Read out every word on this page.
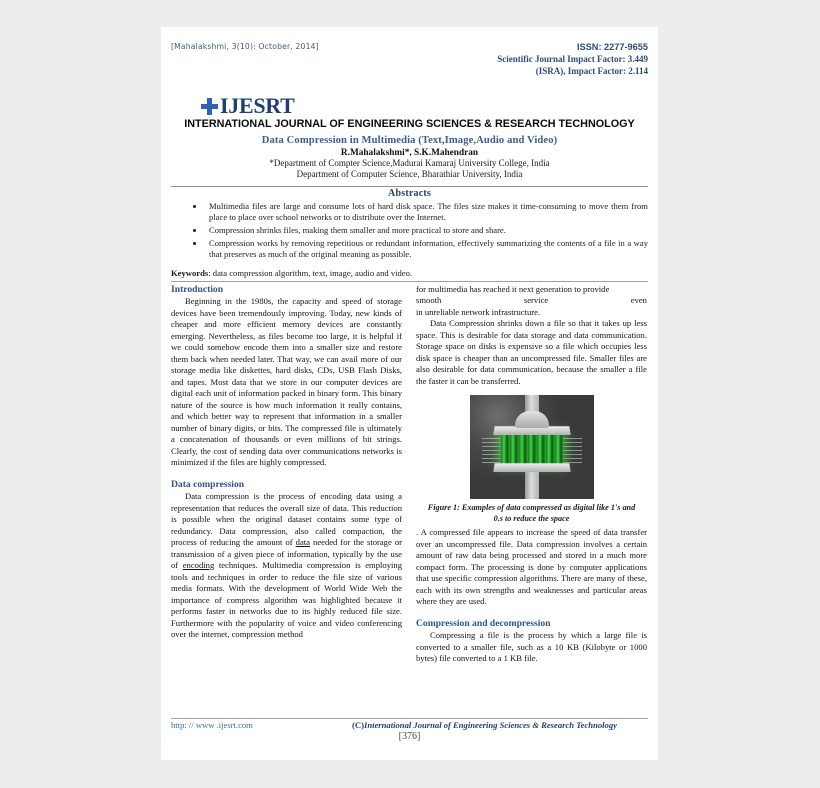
[Mahalakshmi, 3(10): October, 2014]	ISSN: 2277-9655
Scientific Journal Impact Factor: 3.449
(ISRA), Impact Factor: 2.114
IJESRT
INTERNATIONAL JOURNAL OF ENGINEERING SCIENCES & RESEARCH TECHNOLOGY
Data Compression in Multimedia (Text,Image,Audio and Video)
R.Mahalakshmi*, S.K.Mahendran
*Department of Compter Science,Madurai Kamaraj University College, India
Department of Computer Science, Bharathiar University, India
Abstracts
• Multimedia files are large and consume lots of hard disk space. The files size makes it time-consuming to move them from place to place over school networks or to distribute over the Internet.
• Compression shrinks files, making them smaller and more practical to store and share.
• Compression works by removing repetitious or redundant information, effectively summarizing the contents of a file in a way that preserves as much of the original meaning as possible.
Keywords: data compression algorithm, text, image, audio and video.
Introduction

Beginning in the 1980s, the capacity and speed of storage devices have been tremendously improving. Today, new kinds of cheaper and more efficient memory devices are constantly emerging. Nevertheless, as files become too large, it is helpful if we could somehow encode them into a smaller size and restore them back when needed later. That way, we can avail more of our storage media like diskettes, hard disks, CDs, USB Flash Disks, and tapes. Most data that we store in our computer devices are digital each unit of information packed in binary form. This binary nature of the source is how much information it really contains, and which better way to represent that information in a smaller number of binary digits, or bits. The compressed file is ultimately a concatenation of thousands or even millions of bit strings. Clearly, the cost of sending data over communications networks is minimized if the files are highly compressed.

Data compression

Data compression is the process of encoding data using a representation that reduces the overall size of data. This reduction is possible when the original dataset contains some type of redundancy. Data compression, also called compaction, the process of reducing the amount of data needed for the storage or transmission of a given piece of information, typically by the use of encoding techniques. Multimedia compression is employing tools and techniques in order to reduce the file size of various media formats. With the development of World Wide Web the importance of compress algorithm was highlighted because it performs faster in networks due to its highly reduced file size. Furthermore with the popularity of voice and video conferencing over the internet, compression method

for multimedia has reached it next generation to provide

smooth	service	even

in unreliable network infrastructure.

Data Compression shrinks down a file so that it takes up less space. This is desirable for data storage and data communication. Storage space on disks is expensive so a file which occupies less disk space is cheaper than an uncompressed file. Smaller files are also desirable for data communication, because the smaller a file the faster it can be transferred.

Figure 1: Examples of data compressed as digital like 1's and 0.s to reduce the space

. A compressed file appears to increase the speed of data transfer over an uncompressed file. Data compression involves a certain amount of raw data being processed and stored in a much more compact form. The processing is done by computer applications that use specific compression algorithms. There are many of these, each with its own strengths and weaknesses and particular areas where they are used.

Compression and decompression

Compressing a file is the process by which a large file is converted to a smaller file, such as a 10 KB (Kilobyte or 1000 bytes) file converted to a 1 KB file.

http: // www .ijesrt.com	(C)International Journal of Engineering Sciences & Research Technology
[376]
